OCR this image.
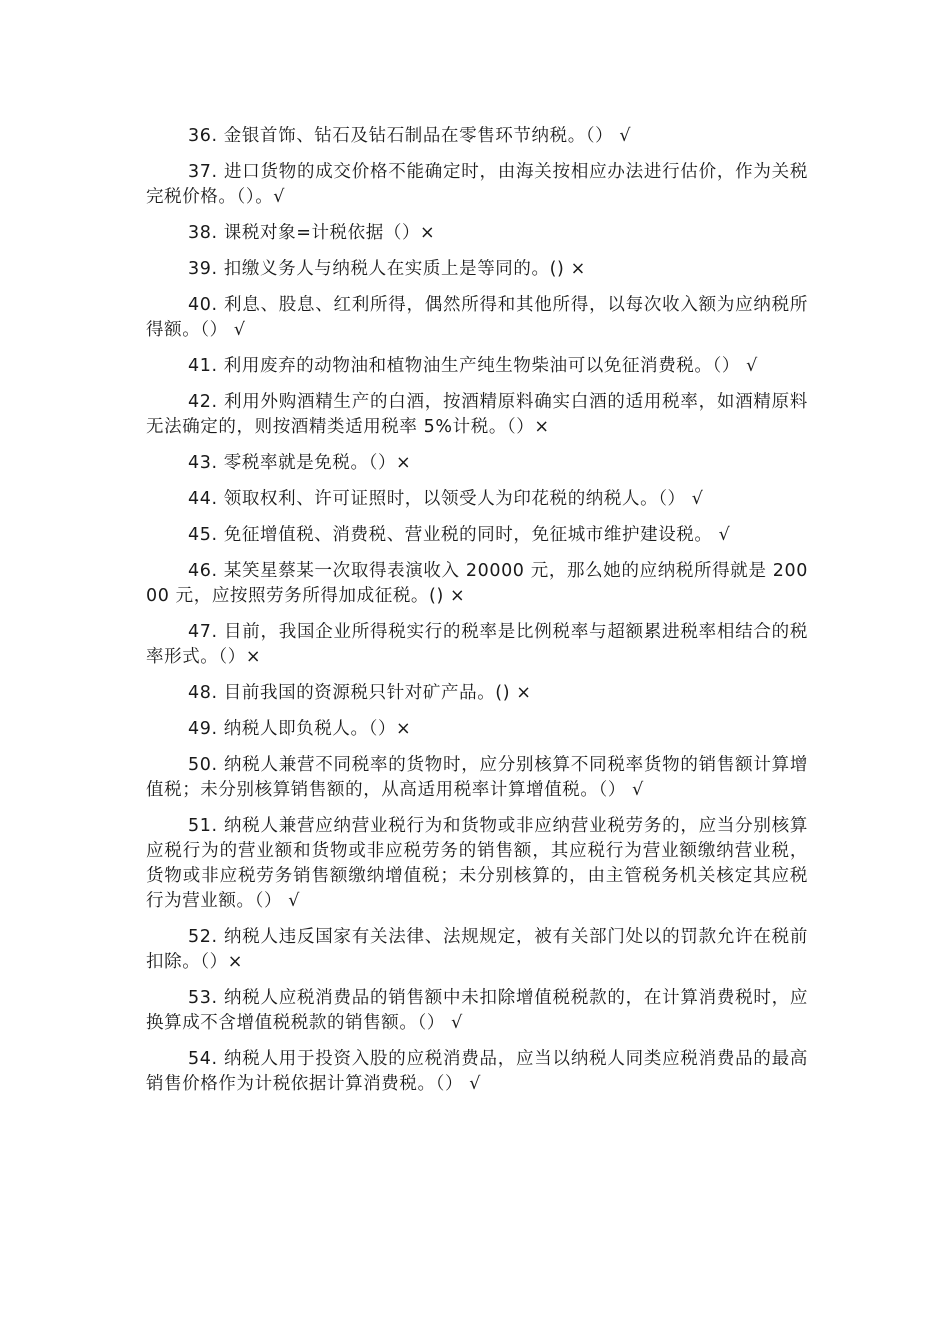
36. 金银首饰、钻石及钻石制品在零售环节纳税。（） √
37. 进口货物的成交价格不能确定时，由海关按相应办法进行估价，作为关税完税价格。（）。√
38. 课税对象=计税依据（）×
39. 扣缴义务人与纳税人在实质上是等同的。() ×
40. 利息、股息、红利所得，偶然所得和其他所得，以每次收入额为应纳税所得额。（） √
41. 利用废弃的动物油和植物油生产纯生物柴油可以免征消费税。（） √
42. 利用外购酒精生产的白酒，按酒精原料确实白酒的适用税率，如酒精原料无法确定的，则按酒精类适用税率 5%计税。（）×
43. 零税率就是免税。（）×
44. 领取权利、许可证照时，以领受人为印花税的纳税人。（） √
45. 免征增值税、消费税、营业税的同时，免征城市维护建设税。 √
46. 某笑星蔡某一次取得表演收入 20000 元，那么她的应纳税所得就是 20000 元，应按照劳务所得加成征税。() ×
47. 目前，我国企业所得税实行的税率是比例税率与超额累进税率相结合的税率形式。（）×
48. 目前我国的资源税只针对矿产品。() ×
49. 纳税人即负税人。（）×
50. 纳税人兼营不同税率的货物时，应分别核算不同税率货物的销售额计算增值税；未分别核算销售额的，从高适用税率计算增值税。（） √
51. 纳税人兼营应纳营业税行为和货物或非应纳营业税劳务的，应当分别核算应税行为的营业额和货物或非应税劳务的销售额，其应税行为营业额缴纳营业税，货物或非应税劳务销售额缴纳增值税；未分别核算的，由主管税务机关核定其应税行为营业额。（） √
52. 纳税人违反国家有关法律、法规规定，被有关部门处以的罚款允许在税前扣除。（）×
53. 纳税人应税消费品的销售额中未扣除增值税税款的，在计算消费税时，应换算成不含增值税税款的销售额。（） √
54. 纳税人用于投资入股的应税消费品，应当以纳税人同类应税消费品的最高销售价格作为计税依据计算消费税。（） √
